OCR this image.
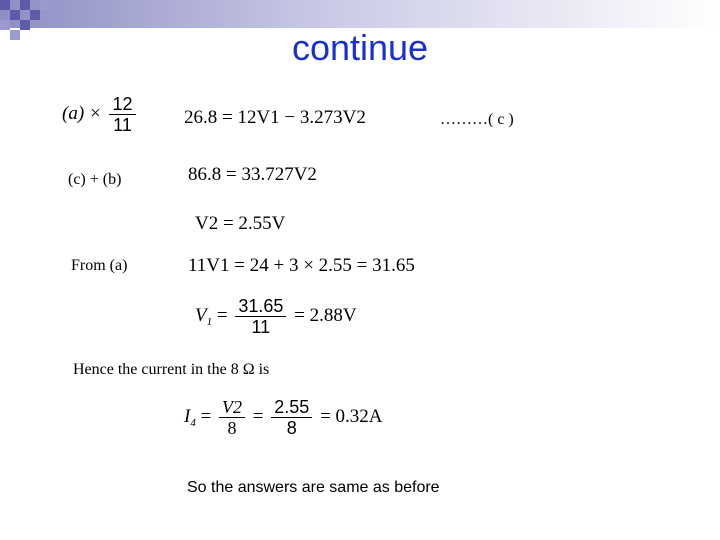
continue
$(a) \times \frac{12}{11}$	26.8 = 12V1 − 3.273V2	………( c )
(c) + (b)	86.8 = 33.727V2
V2 = 2.55V
From (a)	11V1 = 24 + 3 × 2.55 = 31.65
$V_1 = \frac{31.65}{11} = 2.88V$
Hence the current in the 8 Ω is
$I_4 = \frac{V2}{8} = \frac{2.55}{8} = 0.32A$
So the answers are same as before
